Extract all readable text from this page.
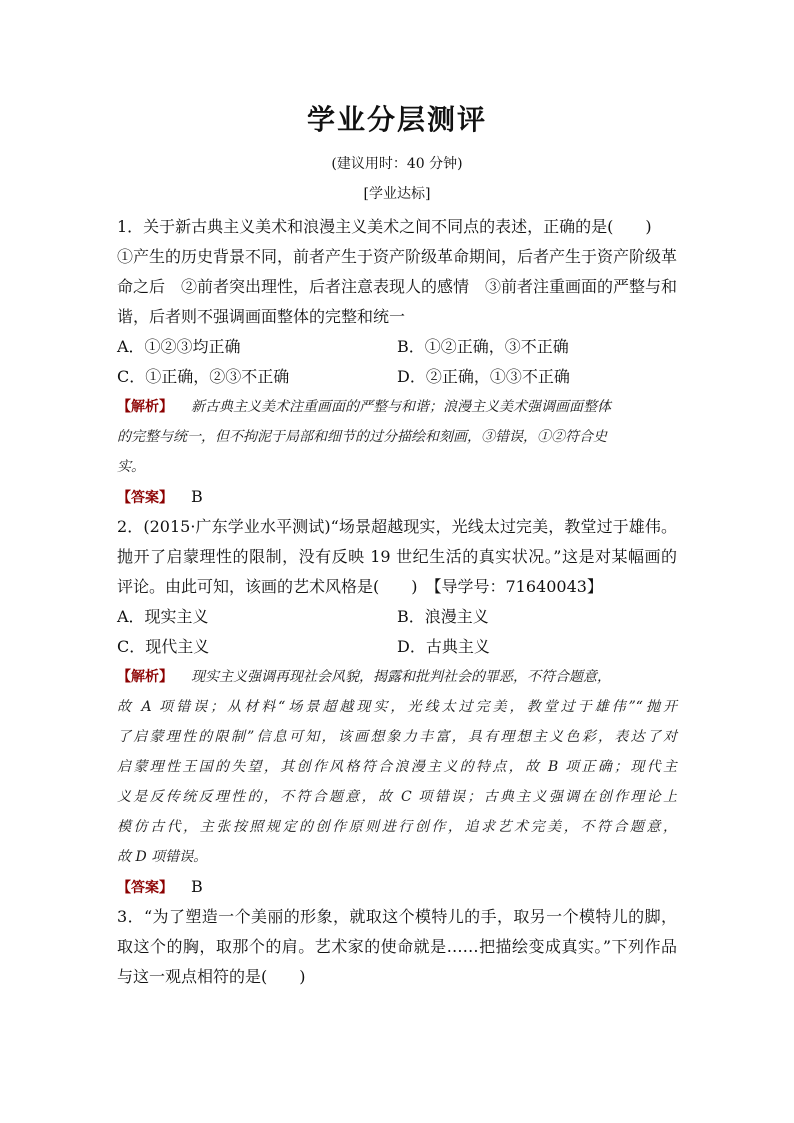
学业分层测评
(建议用时：40 分钟)
[学业达标]
1．关于新古典主义美术和浪漫主义美术之间不同点的表述，正确的是(　　)
①产生的历史背景不同，前者产生于资产阶级革命期间，后者产生于资产阶级革
命之后　②前者突出理性，后者注意表现人的感情　③前者注重画面的严整与和
谐，后者则不强调画面整体的完整和统一
A．①②③均正确	B．①②正确，③不正确
C．①正确，②③不正确	D．②正确，①③不正确
【解析】 新古典主义美术注重画面的严整与和谐；浪漫主义美术强调画面整体
的完整与统一，但不拘泥于局部和细节的过分描绘和刻画，③错误，①②符合史
实。
【答案】 B
2．(2015·广东学业水平测试)“场景超越现实，光线太过完美，教堂过于雄伟。
抛开了启蒙理性的限制，没有反映 19 世纪生活的真实状况。”这是对某幅画的
评论。由此可知，该画的艺术风格是(　　)　【导学号：71640043】
A．现实主义	B．浪漫主义
C．现代主义	D．古典主义
【解析】 现实主义强调再现社会风貌，揭露和批判社会的罪恶，不符合题意，
故 A 项错误；从材料“场景超越现实，光线太过完美，教堂过于雄伟”“抛开
了启蒙理性的限制”信息可知，该画想象力丰富，具有理想主义色彩，表达了对
启蒙理性王国的失望，其创作风格符合浪漫主义的特点，故 B 项正确；现代主
义是反传统反理性的，不符合题意，故 C 项错误；古典主义强调在创作理论上
模仿古代，主张按照规定的创作原则进行创作，追求艺术完美，不符合题意，
故 D 项错误。
【答案】 B
3．“为了塑造一个美丽的形象，就取这个模特儿的手，取另一个模特儿的脚，
取这个的胸，取那个的肩。艺术家的使命就是……把描绘变成真实。”下列作品
与这一观点相符的是(　　)
